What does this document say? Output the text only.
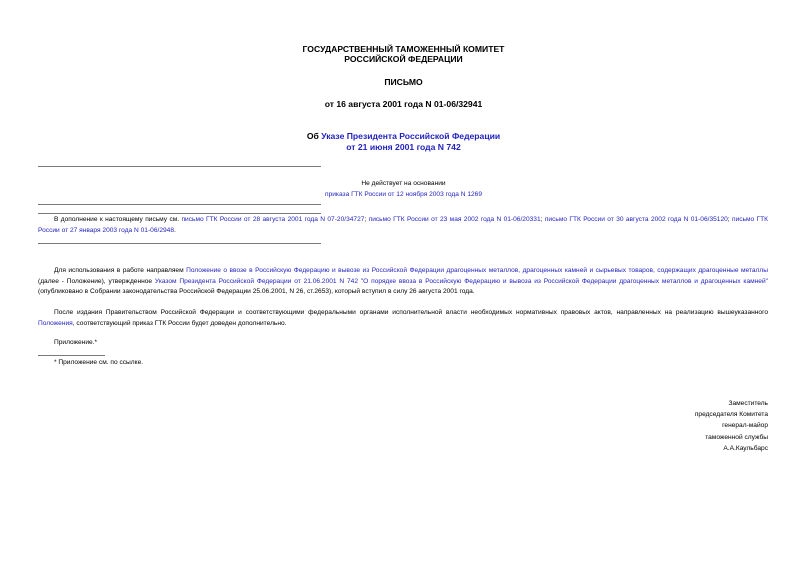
ГОСУДАРСТВЕННЫЙ ТАМОЖЕННЫЙ КОМИТЕТ
РОССИЙСКОЙ ФЕДЕРАЦИИ
ПИСЬМО
от 16 августа 2001 года N 01-06/32941
Об Указе Президента Российской Федерации
от 21 июня 2001 года N 742
Не действует на основании
приказа ГТК России от 12 ноября 2003 года N 1269
В дополнение к настоящему письму см. письмо ГТК России от 28 августа 2001 года N 07-20/34727; письмо ГТК России от 23 мая 2002 года N 01-06/20331; письмо ГТК России от 30 августа 2002 года N 01-06/35120; письмо ГТК России от 27 января 2003 года N 01-06/2948.
Для использования в работе направляем Положение о ввозе в Российскую Федерацию и вывозе из Российской Федерации драгоценных металлов, драгоценных камней и сырьевых товаров, содержащих драгоценные металлы (далее - Положение), утвержденное Указом Президента Российской Федерации от 21.06.2001 N 742 "О порядке ввоза в Российскую Федерацию и вывоза из Российской Федерации драгоценных металлов и драгоценных камней" (опубликовано в Собрании законодательства Российской Федерации 25.06.2001, N 26, ст.2653), который вступил в силу 26 августа 2001 года.
После издания Правительством Российской Федерации и соответствующими федеральными органами исполнительной власти необходимых нормативных правовых актов, направленных на реализацию вышеуказанного Положения, соответствующий приказ ГТК России будет доведен дополнительно.
Приложение.*
* Приложение см. по ссылке.
Заместитель
председателя Комитета
генерал-майор
таможенной службы
А.А.Каульбарс
